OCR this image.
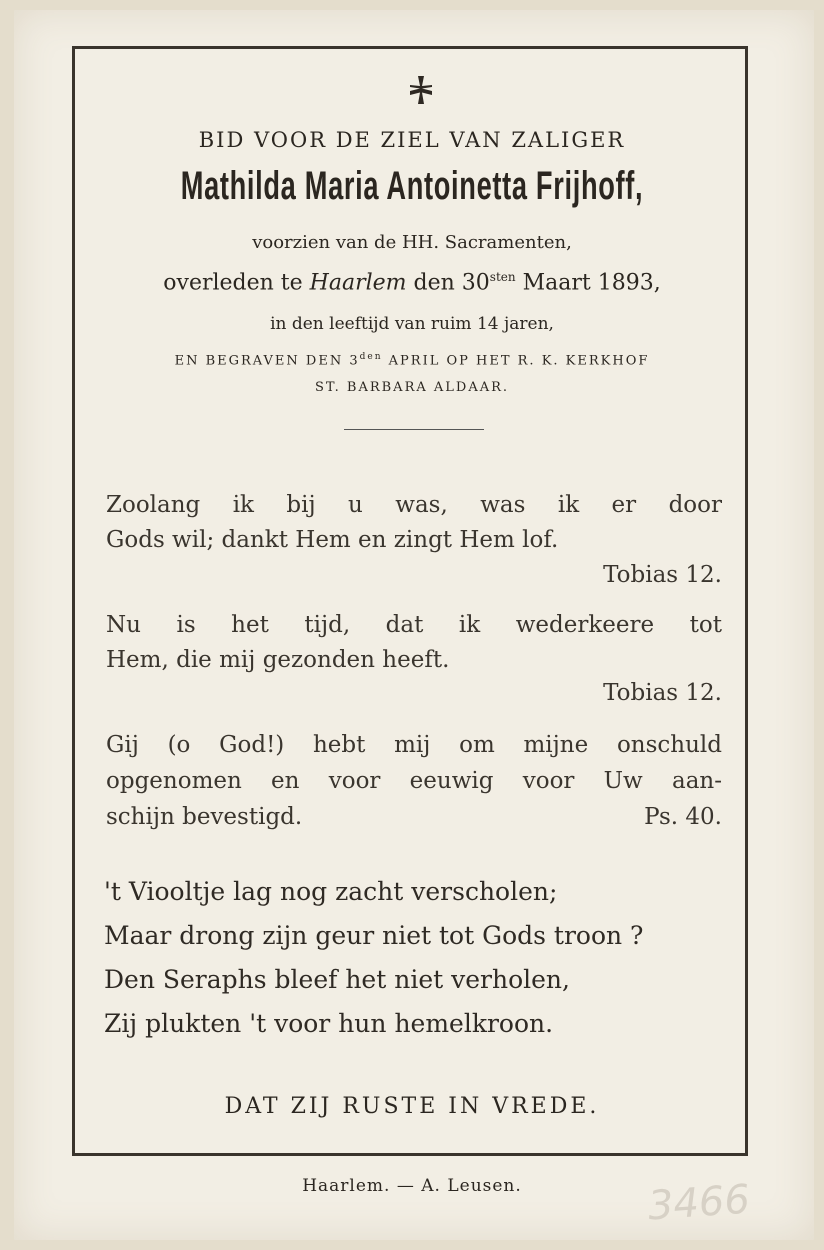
BID VOOR DE ZIEL VAN ZALIGER
Mathilda Maria Antoinetta Frijhoff,
voorzien van de HH. Sacramenten,
overleden te Haarlem den $30^{sten}$ Maart 1893,
in den leeftijd van ruim 14 jaren,
EN BEGRAVEN DEN $3^{den}$ APRIL OP HET R. K. KERKHOF
ST. BARBARA ALDAAR.
Zoolang ik bij u was, was ik er door
Gods wil; dankt Hem en zingt Hem lof.
Tobias 12.
Nu is het tijd, dat ik wederkeere tot
Hem, die mij gezonden heeft.
Tobias 12.
Gij (o God!) hebt mij om mijne onschuld
opgenomen en voor eeuwig voor Uw aan-
schijn bevestigd.	Ps. 40.
't Viooltje lag nog zacht verscholen;
Maar drong zijn geur niet tot Gods troon ?
Den Seraphs bleef het niet verholen,
Zij plukten 't voor hun hemelkroon.
DAT ZIJ RUSTE IN VREDE.
Haarlem. — A. Leusen.	3466
